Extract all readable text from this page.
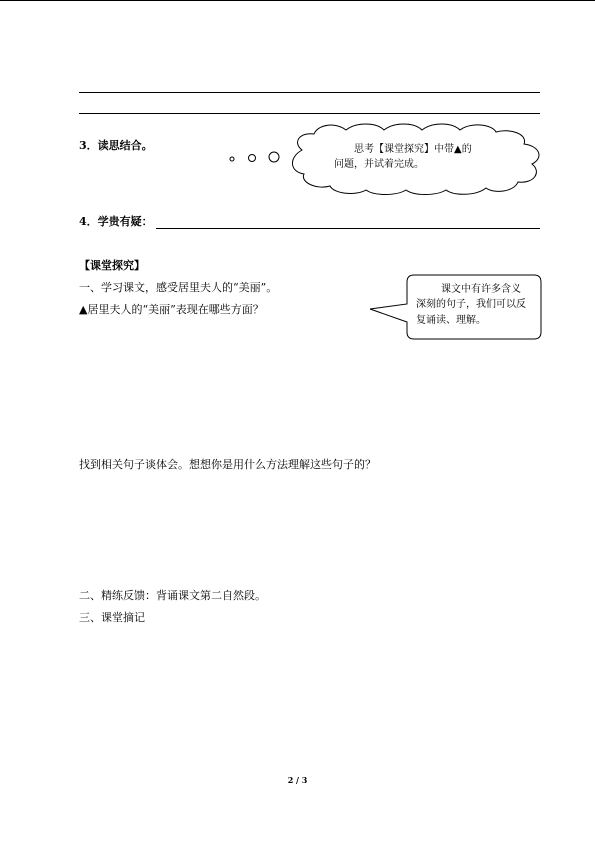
3．读思结合。	思考【课堂探究】中带▲的
问题，并试着完成。
4．学贵有疑：
【课堂探究】
一、学习课文，感受居里夫人的“美丽”。
▲居里夫人的“美丽”表现在哪些方面？
课文中有许多含义
深刻的句子，我们可以反
复诵读、理解。
找到相关句子谈体会。想想你是用什么方法理解这些句子的？
二、精练反馈：背诵课文第二自然段。
三、课堂摘记
2 / 3
